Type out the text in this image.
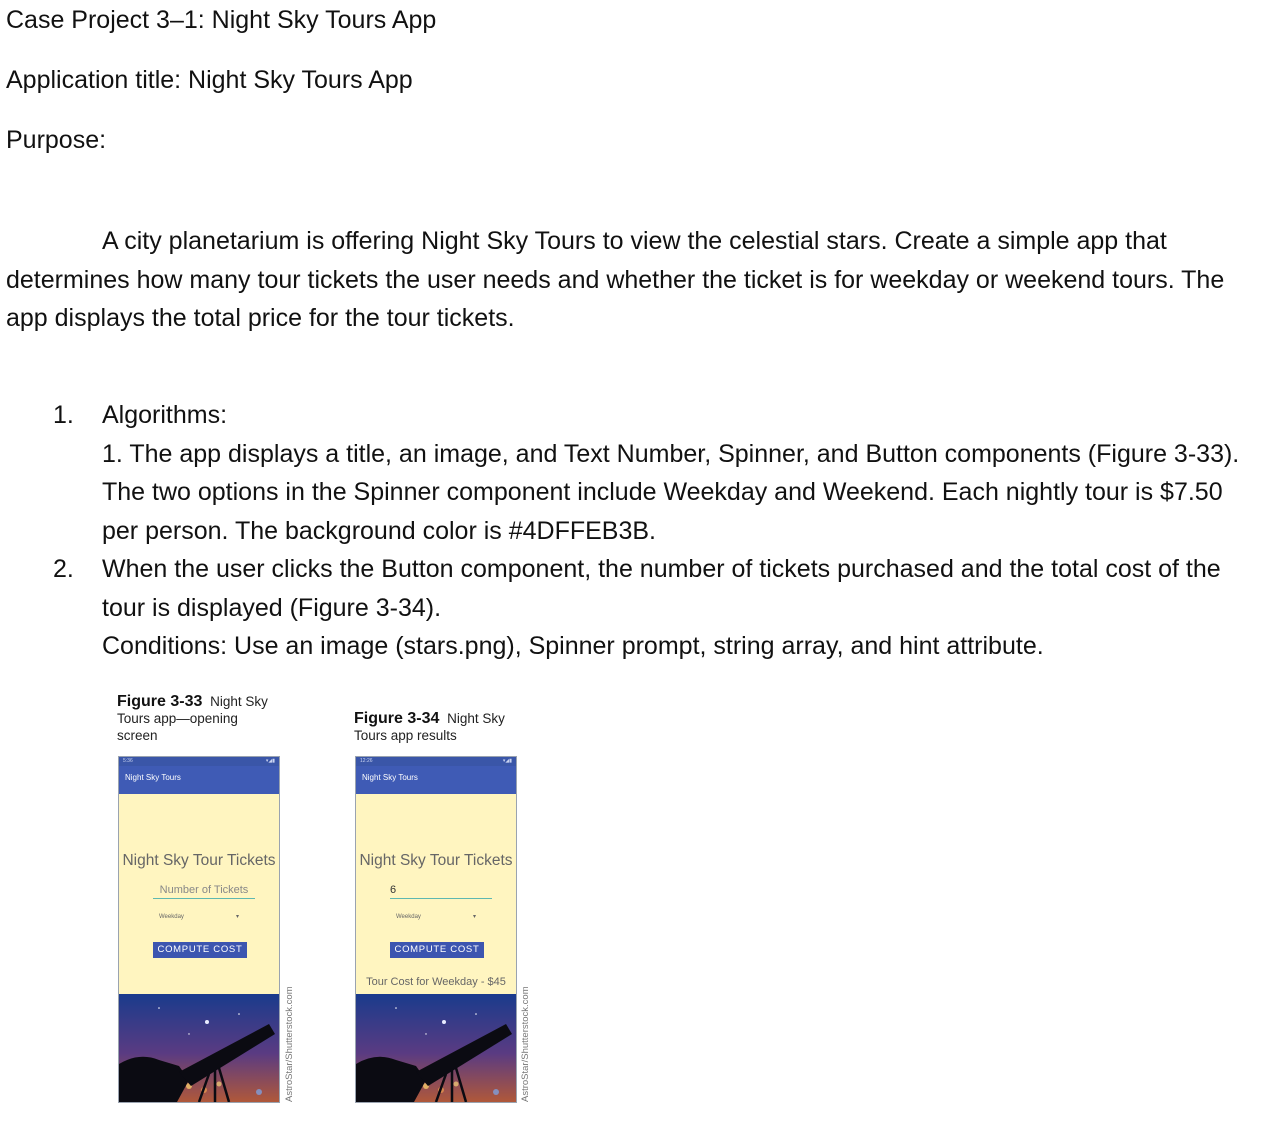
Case Project 3–1: Night Sky Tours App
Application title: Night Sky Tours App
Purpose:

A city planetarium is offering Night Sky Tours to view the celestial stars. Create a simple app that determines how many tour tickets the user needs and whether the ticket is for weekday or weekend tours. The app displays the total price for the tour tickets.

1. Algorithms:
1. The app displays a title, an image, and Text Number, Spinner, and Button components (Figure 3-33). The two options in the Spinner component include Weekday and Weekend. Each nightly tour is $7.50 per person. The background color is #4DFFEB3B.
2. When the user clicks the Button component, the number of tickets purchased and the total cost of the tour is displayed (Figure 3-34).
Conditions: Use an image (stars.png), Spinner prompt, string array, and hint attribute.
Figure 3-33 Night Sky Tours app—opening screen
Figure 3-34 Night Sky Tours app results
5:36	▾◢▮
Night Sky Tours
Night Sky Tour Tickets
Number of Tickets
Weekday	▾
COMPUTE COST
12:26	▾◢▮
Night Sky Tours
Night Sky Tour Tickets
6
Weekday	▾
COMPUTE COST
Tour Cost for Weekday - $45
AstroStar/Shutterstock.com	AstroStar/Shutterstock.com
